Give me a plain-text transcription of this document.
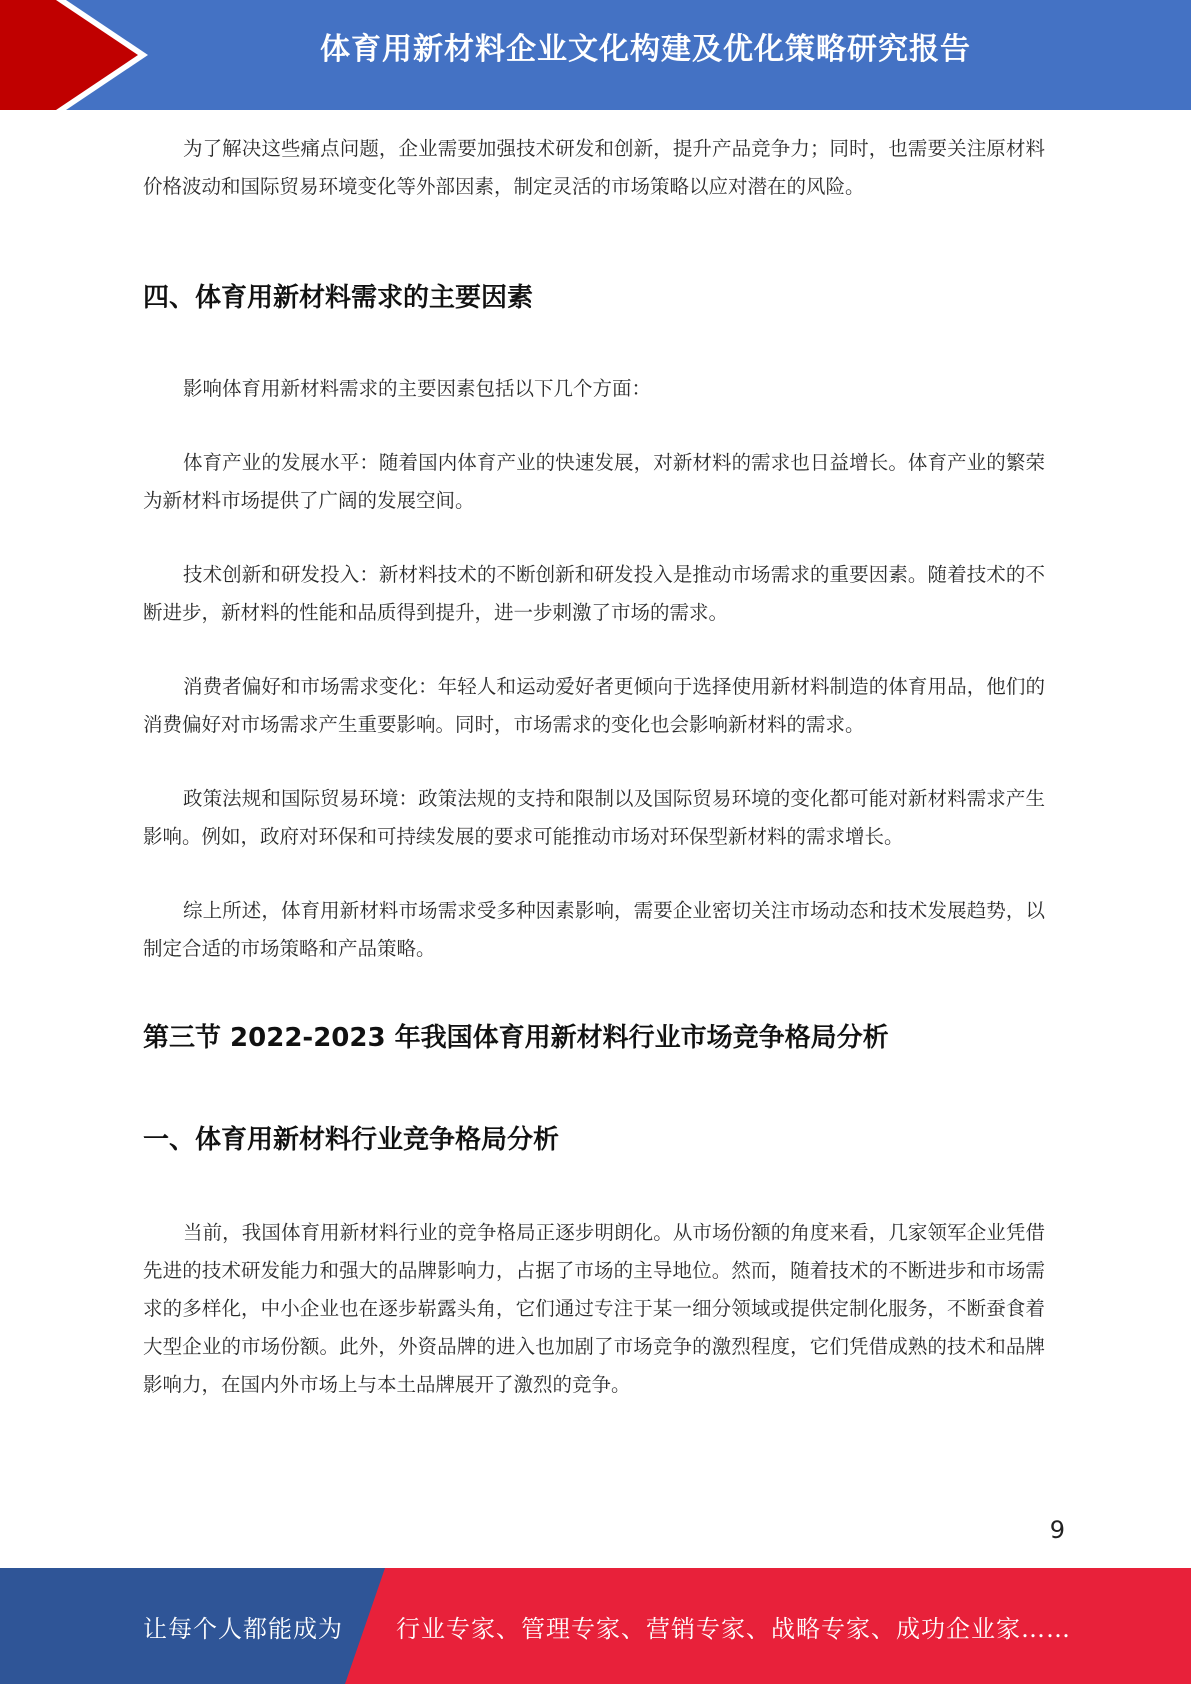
体育用新材料企业文化构建及优化策略研究报告

为了解决这些痛点问题，企业需要加强技术研发和创新，提升产品竞争力；同时，也需要关注原材料价格波动和国际贸易环境变化等外部因素，制定灵活的市场策略以应对潜在的风险。

四、体育用新材料需求的主要因素

影响体育用新材料需求的主要因素包括以下几个方面：

体育产业的发展水平：随着国内体育产业的快速发展，对新材料的需求也日益增长。体育产业的繁荣为新材料市场提供了广阔的发展空间。

技术创新和研发投入：新材料技术的不断创新和研发投入是推动市场需求的重要因素。随着技术的不断进步，新材料的性能和品质得到提升，进一步刺激了市场的需求。

消费者偏好和市场需求变化：年轻人和运动爱好者更倾向于选择使用新材料制造的体育用品，他们的消费偏好对市场需求产生重要影响。同时，市场需求的变化也会影响新材料的需求。

政策法规和国际贸易环境：政策法规的支持和限制以及国际贸易环境的变化都可能对新材料需求产生影响。例如，政府对环保和可持续发展的要求可能推动市场对环保型新材料的需求增长。

综上所述，体育用新材料市场需求受多种因素影响，需要企业密切关注市场动态和技术发展趋势，以制定合适的市场策略和产品策略。

第三节 2022-2023 年我国体育用新材料行业市场竞争格局分析
一、体育用新材料行业竞争格局分析

当前，我国体育用新材料行业的竞争格局正逐步明朗化。从市场份额的角度来看，几家领军企业凭借先进的技术研发能力和强大的品牌影响力，占据了市场的主导地位。然而，随着技术的不断进步和市场需求的多样化，中小企业也在逐步崭露头角，它们通过专注于某一细分领域或提供定制化服务，不断蚕食着大型企业的市场份额。此外，外资品牌的进入也加剧了市场竞争的激烈程度，它们凭借成熟的技术和品牌影响力，在国内外市场上与本土品牌展开了激烈的竞争。

9
让每个人都能成为 行业专家、管理专家、营销专家、战略专家、成功企业家……
